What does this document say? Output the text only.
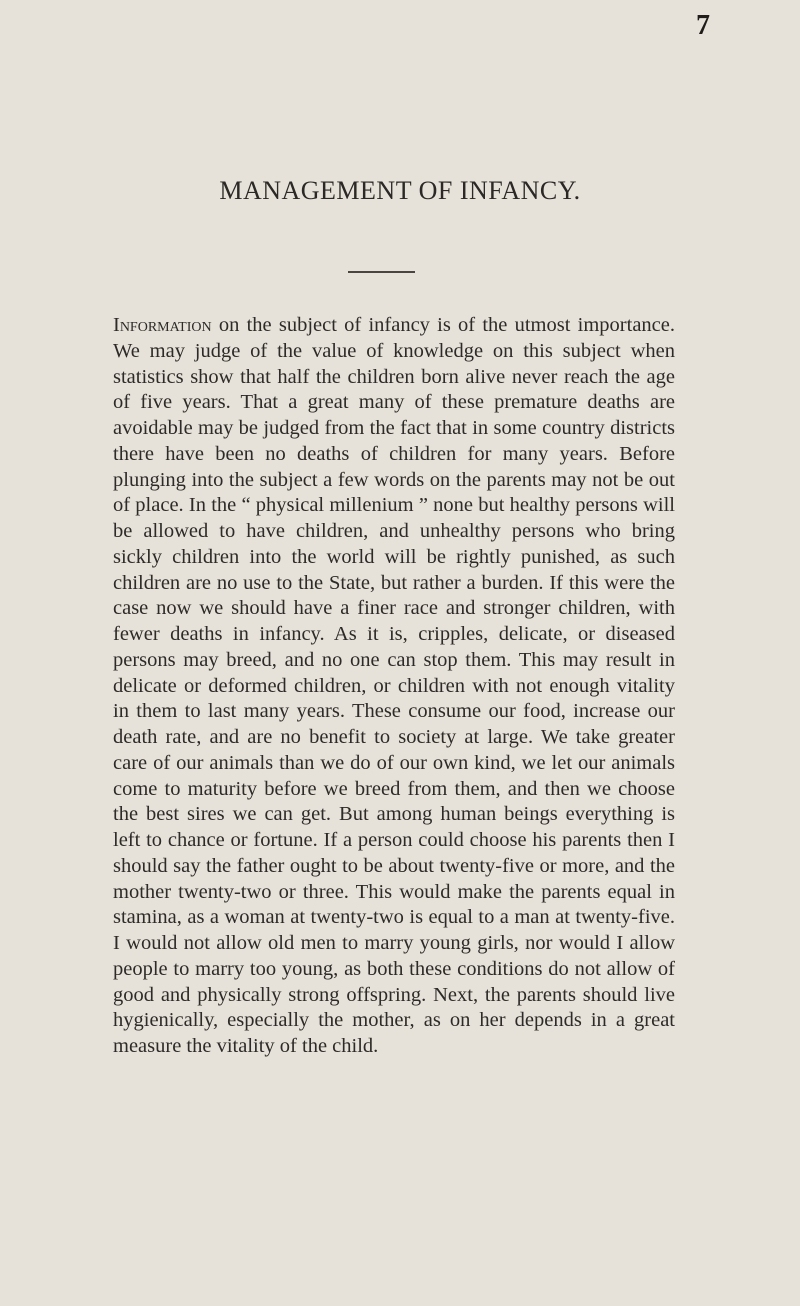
7
MANAGEMENT OF INFANCY.
Information on the subject of infancy is of the utmost importance. We may judge of the value of knowledge on this subject when statistics show that half the children born alive never reach the age of five years. That a great many of these premature deaths are avoidable may be judged from the fact that in some country districts there have been no deaths of children for many years. Before plunging into the subject a few words on the parents may not be out of place. In the “ physical millenium ” none but healthy persons will be allowed to have children, and unhealthy persons who bring sickly children into the world will be rightly punished, as such children are no use to the State, but rather a burden. If this were the case now we should have a finer race and stronger children, with fewer deaths in infancy. As it is, cripples, delicate, or diseased persons may breed, and no one can stop them. This may result in delicate or deformed children, or children with not enough vitality in them to last many years. These consume our food, increase our death rate, and are no benefit to society at large. We take greater care of our animals than we do of our own kind, we let our animals come to maturity before we breed from them, and then we choose the best sires we can get. But among human beings everything is left to chance or fortune. If a person could choose his parents then I should say the father ought to be about twenty-five or more, and the mother twenty-two or three. This would make the parents equal in stamina, as a woman at twenty-two is equal to a man at twenty-five. I would not allow old men to marry young girls, nor would I allow people to marry too young, as both these conditions do not allow of good and physically strong offspring. Next, the parents should live hygienically, especially the mother, as on her depends in a great measure the vitality of the child.
